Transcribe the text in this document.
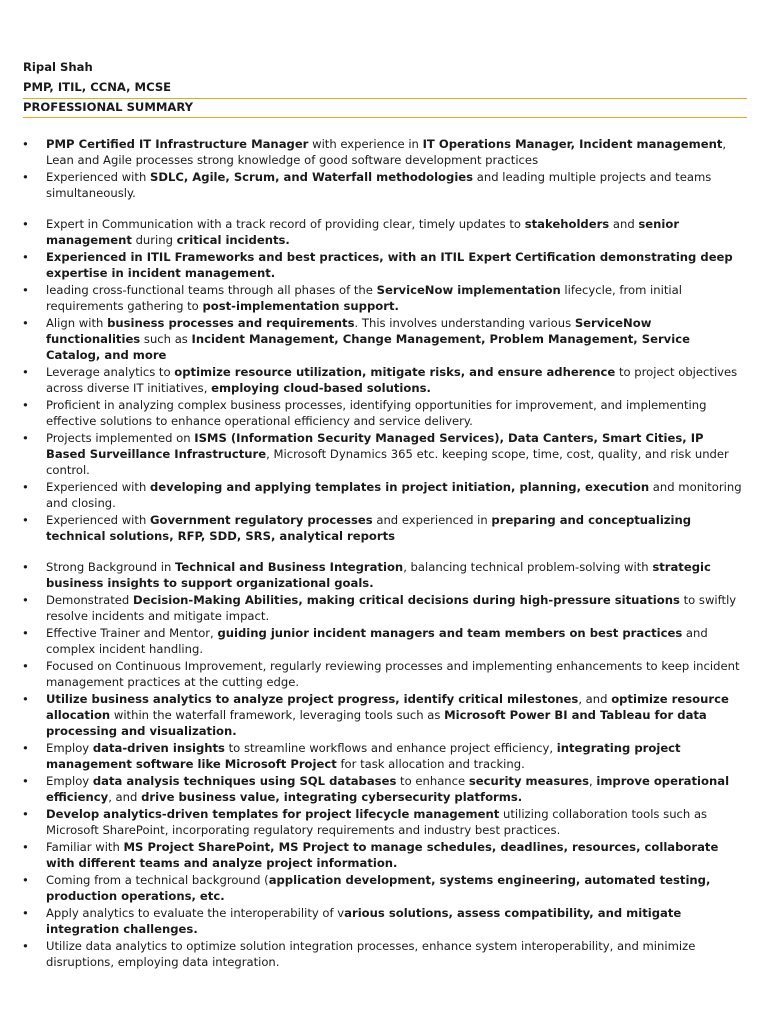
Ripal Shah
PMP, ITIL, CCNA, MCSE
PROFESSIONAL SUMMARY
• PMP Certified IT Infrastructure Manager with experience in IT Operations Manager, Incident management, Lean and Agile processes strong knowledge of good software development practices
• Experienced with SDLC, Agile, Scrum, and Waterfall methodologies and leading multiple projects and teams simultaneously.
• Expert in Communication with a track record of providing clear, timely updates to stakeholders and senior management during critical incidents.
• Experienced in ITIL Frameworks and best practices, with an ITIL Expert Certification demonstrating deep expertise in incident management.
• leading cross-functional teams through all phases of the ServiceNow implementation lifecycle, from initial requirements gathering to post-implementation support.
• Align with business processes and requirements. This involves understanding various ServiceNow functionalities such as Incident Management, Change Management, Problem Management, Service Catalog, and more
• Leverage analytics to optimize resource utilization, mitigate risks, and ensure adherence to project objectives across diverse IT initiatives, employing cloud-based solutions.
• Proficient in analyzing complex business processes, identifying opportunities for improvement, and implementing effective solutions to enhance operational efficiency and service delivery.
• Projects implemented on ISMS (Information Security Managed Services), Data Canters, Smart Cities, IP Based Surveillance Infrastructure, Microsoft Dynamics 365 etc. keeping scope, time, cost, quality, and risk under control.
• Experienced with developing and applying templates in project initiation, planning, execution and monitoring and closing.
• Experienced with Government regulatory processes and experienced in preparing and conceptualizing technical solutions, RFP, SDD, SRS, analytical reports
• Strong Background in Technical and Business Integration, balancing technical problem-solving with strategic business insights to support organizational goals.
• Demonstrated Decision-Making Abilities, making critical decisions during high-pressure situations to swiftly resolve incidents and mitigate impact.
• Effective Trainer and Mentor, guiding junior incident managers and team members on best practices and complex incident handling.
• Focused on Continuous Improvement, regularly reviewing processes and implementing enhancements to keep incident management practices at the cutting edge.
• Utilize business analytics to analyze project progress, identify critical milestones, and optimize resource allocation within the waterfall framework, leveraging tools such as Microsoft Power BI and Tableau for data processing and visualization.
• Employ data-driven insights to streamline workflows and enhance project efficiency, integrating project management software like Microsoft Project for task allocation and tracking.
• Employ data analysis techniques using SQL databases to enhance security measures, improve operational efficiency, and drive business value, integrating cybersecurity platforms.
• Develop analytics-driven templates for project lifecycle management utilizing collaboration tools such as Microsoft SharePoint, incorporating regulatory requirements and industry best practices.
• Familiar with MS Project SharePoint, MS Project to manage schedules, deadlines, resources, collaborate with different teams and analyze project information.
• Coming from a technical background (application development, systems engineering, automated testing, production operations, etc.
• Apply analytics to evaluate the interoperability of various solutions, assess compatibility, and mitigate integration challenges.
• Utilize data analytics to optimize solution integration processes, enhance system interoperability, and minimize disruptions, employing data integration.
